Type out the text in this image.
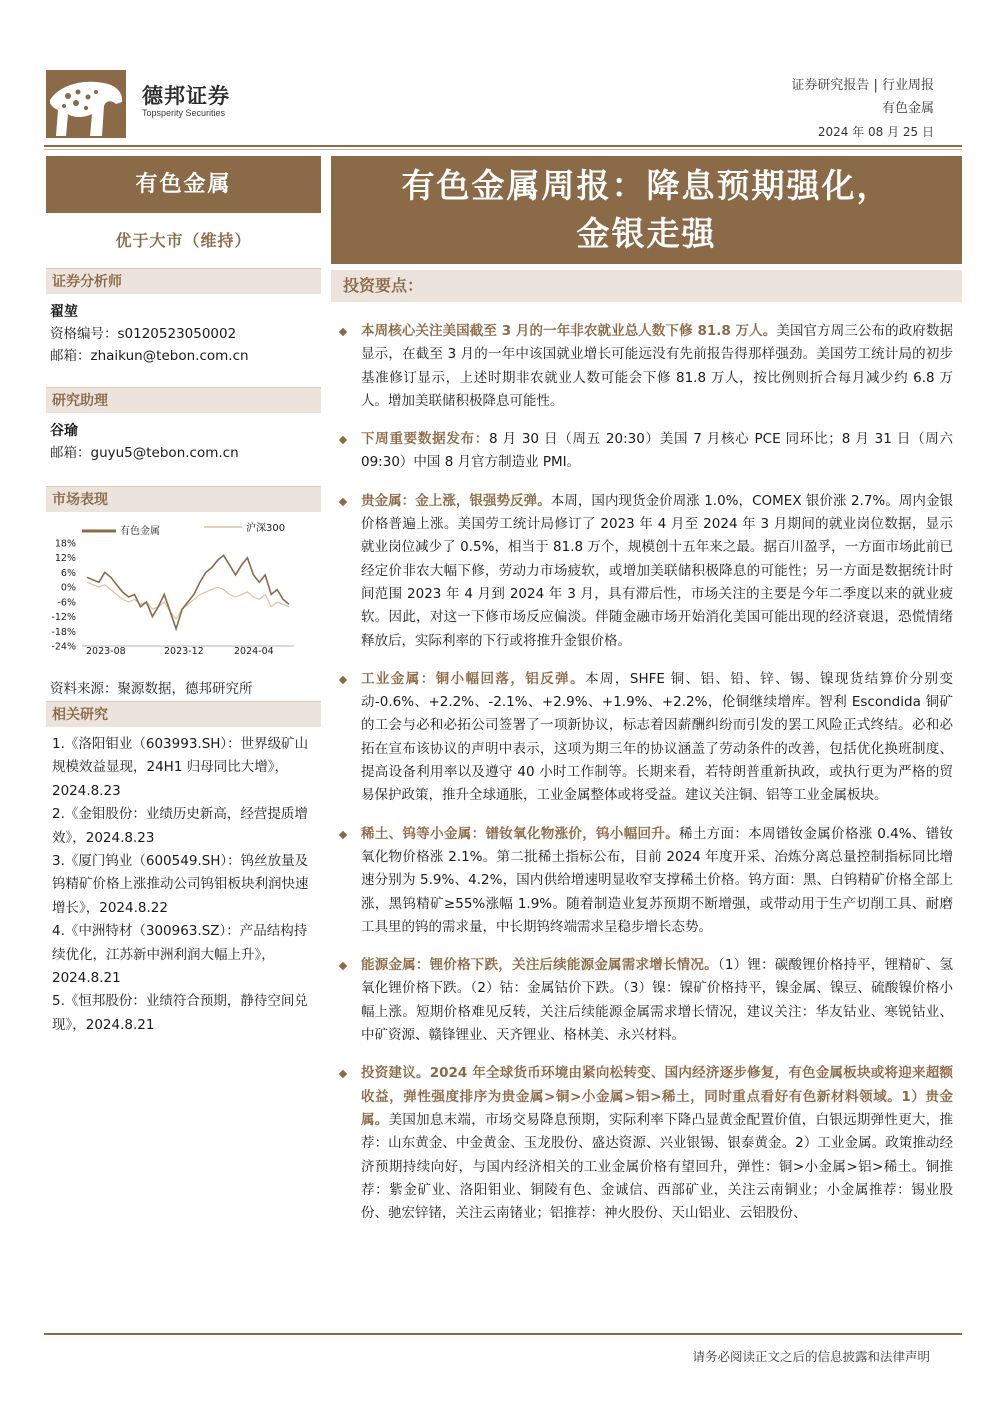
德邦证券
Topsperity Securities
证券研究报告 | 行业周报
有色金属
2024 年 08 月 25 日
有色金属
优于大市（维持）
证券分析师
翟堃
资格编号：s0120523050002
邮箱：zhaikun@tebon.com.cn
研究助理
谷瑜
邮箱：guyu5@tebon.com.cn
市场表现
有色金属	沪深300
18%
12%
6%
0%
-6%
-12%
-18%
-24% 2023-08	2023-12	2024-04
资料来源：聚源数据，德邦研究所
相关研究

1.《洛阳钼业（603993.SH）：世界级矿山规模效益显现，24H1 归母同比大增》，2024.8.23

2.《金钼股份：业绩历史新高，经营提质增效》，2024.8.23

3.《厦门钨业（600549.SH）：钨丝放量及钨精矿价格上涨推动公司钨钼板块利润快速增长》，2024.8.22

4.《中洲特材（300963.SZ）：产品结构持续优化，江苏新中洲利润大幅上升》，2024.8.21

5.《恒邦股份：业绩符合预期，静待空间兑现》，2024.8.21

有色金属周报：降息预期强化，
金银走强
投资要点：
本周核心关注美国截至 3 月的一年非农就业总人数下修 81.8 万人。美国官方周三公布的政府数据显示，在截至 3 月的一年中该国就业增长可能远没有先前报告得那样强劲。美国劳工统计局的初步基准修订显示，上述时期非农就业人数可能会下修 81.8 万人，按比例则折合每月减少约 6.8 万人。增加美联储积极降息可能性。
下周重要数据发布：8 月 30 日（周五 20:30）美国 7 月核心 PCE 同环比；8 月 31 日（周六 09:30）中国 8 月官方制造业 PMI。
贵金属：金上涨，银强势反弹。本周，国内现货金价周涨 1.0%，COMEX 银价涨 2.7%。周内金银价格普遍上涨。美国劳工统计局修订了 2023 年 4 月至 2024 年 3 月期间的就业岗位数据，显示就业岗位减少了 0.5%，相当于 81.8 万个，规模创十五年来之最。据百川盈孚，一方面市场此前已经定价非农大幅下修，劳动力市场疲软，或增加美联储积极降息的可能性；另一方面是数据统计时间范围 2023 年 4 月到 2024 年 3 月，具有滞后性，市场关注的主要是今年二季度以来的就业疲软。因此，对这一下修市场反应偏淡。伴随金融市场开始消化美国可能出现的经济衰退，恐慌情绪释放后，实际利率的下行或将推升金银价格。
工业金属：铜小幅回落，铝反弹。本周，SHFE 铜、铝、铅、锌、锡、镍现货结算价分别变动-0.6%、+2.2%、-2.1%、+2.9%、+1.9%、+2.2%，伦铜继续增库。智利 Escondida 铜矿的工会与必和必拓公司签署了一项新协议，标志着因薪酬纠纷而引发的罢工风险正式终结。必和必拓在宣布该协议的声明中表示，这项为期三年的协议涵盖了劳动条件的改善，包括优化换班制度、提高设备利用率以及遵守 40 小时工作制等。长期来看，若特朗普重新执政，或执行更为严格的贸易保护政策，推升全球通胀，工业金属整体或将受益。建议关注铜、铝等工业金属板块。
稀土、钨等小金属：镨钕氧化物涨价，钨小幅回升。稀土方面：本周镨钕金属价格涨 0.4%、镨钕氧化物价格涨 2.1%。第二批稀土指标公布，目前 2024 年度开采、冶炼分离总量控制指标同比增速分别为 5.9%、4.2%，国内供给增速明显收窄支撑稀土价格。钨方面：黑、白钨精矿价格全部上涨，黑钨精矿≥55%涨幅 1.9%。随着制造业复苏预期不断增强，或带动用于生产切削工具、耐磨工具里的钨的需求量，中长期钨终端需求呈稳步增长态势。
能源金属：锂价格下跌，关注后续能源金属需求增长情况。（1）锂：碳酸锂价格持平，锂精矿、氢氧化锂价格下跌。（2）钴：金属钴价下跌。（3）镍：镍矿价格持平，镍金属、镍豆、硫酸镍价格小幅上涨。短期价格难见反转，关注后续能源金属需求增长情况，建议关注：华友钴业、寒锐钴业、中矿资源、赣锋锂业、天齐锂业、格林美、永兴材料。
投资建议。2024 年全球货币环境由紧向松转变、国内经济逐步修复，有色金属板块或将迎来超额收益，弹性强度排序为贵金属>铜>小金属>铝>稀土，同时重点看好有色新材料领域。1）贵金属。美国加息末端，市场交易降息预期，实际利率下降凸显黄金配置价值，白银远期弹性更大，推荐：山东黄金、中金黄金、玉龙股份、盛达资源、兴业银锡、银泰黄金。2）工业金属。政策推动经济预期持续向好，与国内经济相关的工业金属价格有望回升，弹性：铜>小金属>铝>稀土。铜推荐：紫金矿业、洛阳钼业、铜陵有色、金诚信、西部矿业，关注云南铜业；小金属推荐：锡业股份、驰宏锌锗，关注云南锗业；铝推荐：神火股份、天山铝业、云铝股份、
请务必阅读正文之后的信息披露和法律声明
